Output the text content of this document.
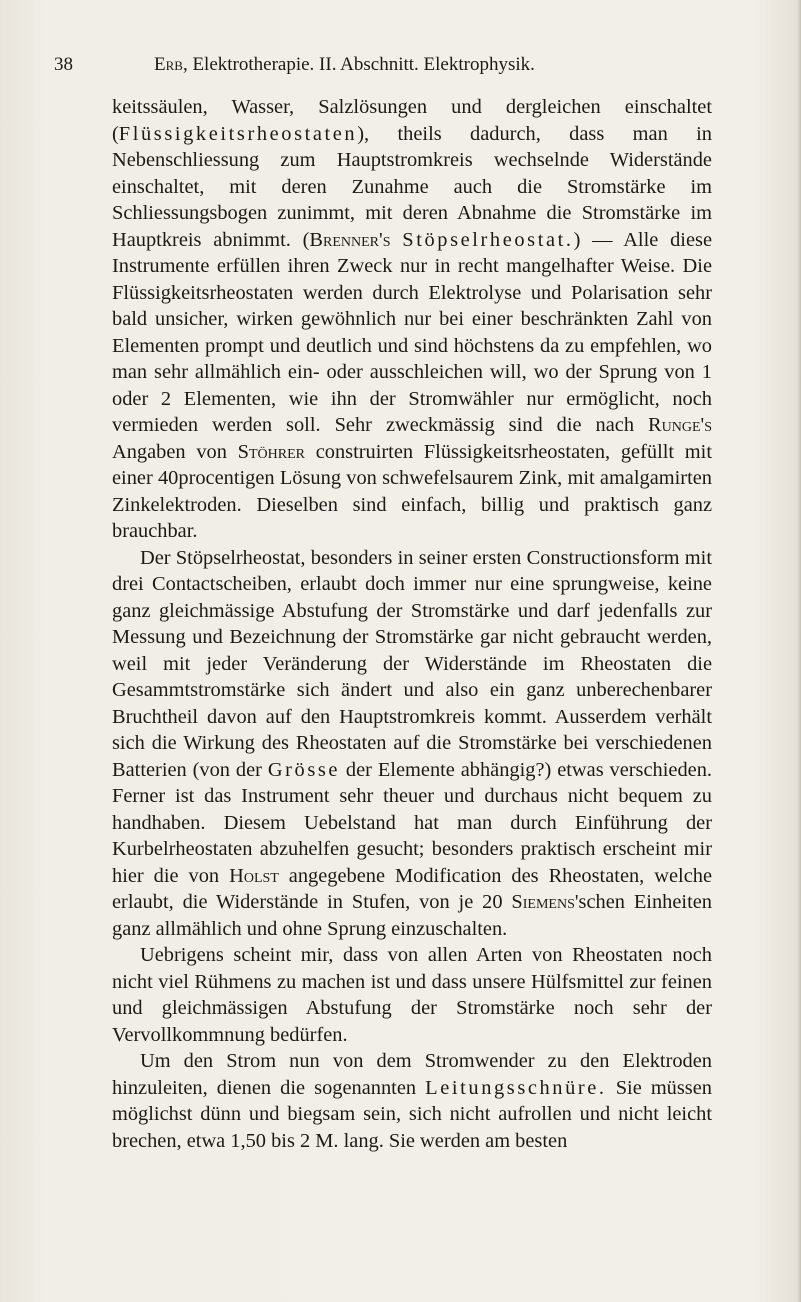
38	Erb, Elektrotherapie. II. Abschnitt. Elektrophysik.

keitssäulen, Wasser, Salzlösungen und dergleichen einschaltet (Flüssigkeitsrheostaten), theils dadurch, dass man in Nebenschliessung zum Hauptstromkreis wechselnde Widerstände einschaltet, mit deren Zunahme auch die Stromstärke im Schliessungsbogen zunimmt, mit deren Abnahme die Stromstärke im Hauptkreis abnimmt. (Brenner's Stöpselrheostat.) — Alle diese Instrumente erfüllen ihren Zweck nur in recht mangelhafter Weise. Die Flüssigkeitsrheostaten werden durch Elektrolyse und Polarisation sehr bald unsicher, wirken gewöhnlich nur bei einer beschränkten Zahl von Elementen prompt und deutlich und sind höchstens da zu empfehlen, wo man sehr allmählich ein- oder ausschleichen will, wo der Sprung von 1 oder 2 Elementen, wie ihn der Stromwähler nur ermöglicht, noch vermieden werden soll. Sehr zweckmässig sind die nach Runge's Angaben von Stöhrer construirten Flüssigkeitsrheostaten, gefüllt mit einer 40procentigen Lösung von schwefelsaurem Zink, mit amalgamirten Zinkelektroden. Dieselben sind einfach, billig und praktisch ganz brauchbar.

Der Stöpselrheostat, besonders in seiner ersten Constructionsform mit drei Contactscheiben, erlaubt doch immer nur eine sprungweise, keine ganz gleichmässige Abstufung der Stromstärke und darf jedenfalls zur Messung und Bezeichnung der Stromstärke gar nicht gebraucht werden, weil mit jeder Veränderung der Widerstände im Rheostaten die Gesammtstromstärke sich ändert und also ein ganz unberechenbarer Bruchtheil davon auf den Hauptstromkreis kommt. Ausserdem verhält sich die Wirkung des Rheostaten auf die Stromstärke bei verschiedenen Batterien (von der Grösse der Elemente abhängig?) etwas verschieden. Ferner ist das Instrument sehr theuer und durchaus nicht bequem zu handhaben. Diesem Uebelstand hat man durch Einführung der Kurbelrheostaten abzuhelfen gesucht; besonders praktisch erscheint mir hier die von Holst angegebene Modification des Rheostaten, welche erlaubt, die Widerstände in Stufen, von je 20 Siemens'schen Einheiten ganz allmählich und ohne Sprung einzuschalten.

Uebrigens scheint mir, dass von allen Arten von Rheostaten noch nicht viel Rühmens zu machen ist und dass unsere Hülfsmittel zur feinen und gleichmässigen Abstufung der Stromstärke noch sehr der Vervollkommnung bedürfen.

Um den Strom nun von dem Stromwender zu den Elektroden hinzuleiten, dienen die sogenannten Leitungsschnüre. Sie müssen möglichst dünn und biegsam sein, sich nicht aufrollen und nicht leicht brechen, etwa 1,50 bis 2 M. lang. Sie werden am besten
